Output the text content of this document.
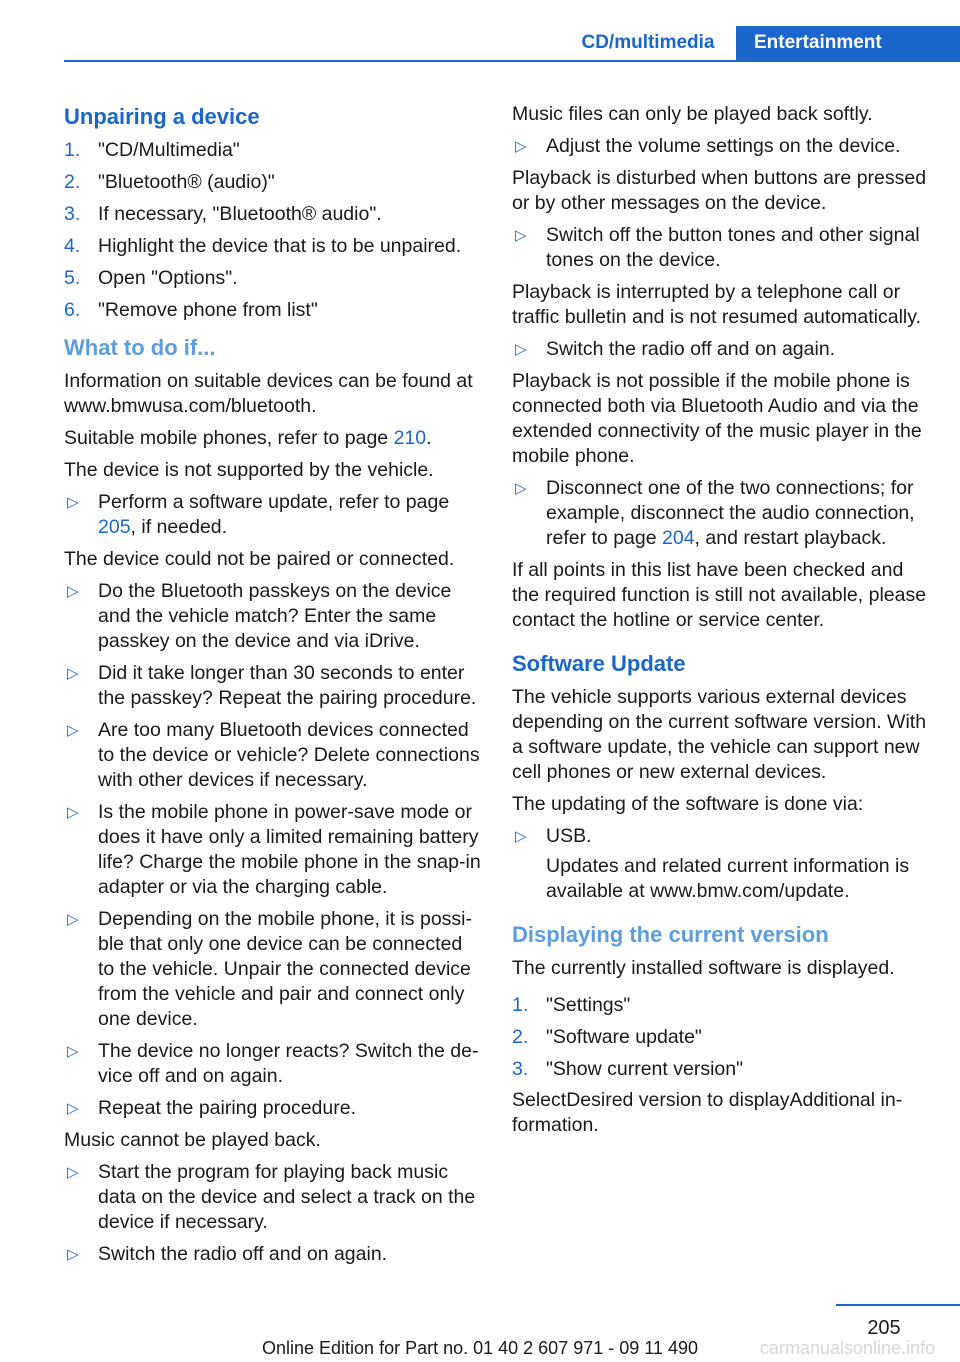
CD/multimedia	Entertainment
Unpairing a device
1. "CD/Multimedia"
2. "Bluetooth® (audio)"
3. If necessary, "Bluetooth® audio".
4. Highlight the device that is to be unpaired.
5. Open "Options".
6. "Remove phone from list"
What to do if...

Information on suitable devices can be found at www.bmwusa.com/bluetooth.

Suitable mobile phones, refer to page 210.

The device is not supported by the vehicle.

▷ Perform a software update, refer to page 205, if needed.

The device could not be paired or connected.

▷ Do the Bluetooth passkeys on the device and the vehicle match? Enter the same passkey on the device and via iDrive.
▷ Did it take longer than 30 seconds to enter the passkey? Repeat the pairing procedure.
▷ Are too many Bluetooth devices connected to the device or vehicle? Delete connections with other devices if necessary.
▷ Is the mobile phone in power-save mode or does it have only a limited remaining battery life? Charge the mobile phone in the snap-in adapter or via the charging cable.
▷ Depending on the mobile phone, it is possi-ble that only one device can be connected to the vehicle. Unpair the connected device from the vehicle and pair and connect only one device.
▷ The device no longer reacts? Switch the de-vice off and on again.
▷ Repeat the pairing procedure.

Music cannot be played back.

▷ Start the program for playing back music data on the device and select a track on the device if necessary.
▷ Switch the radio off and on again.

Music files can only be played back softly.

▷ Adjust the volume settings on the device.

Playback is disturbed when buttons are pressed or by other messages on the device.

▷ Switch off the button tones and other signal tones on the device.

Playback is interrupted by a telephone call or traffic bulletin and is not resumed automatically.

▷ Switch the radio off and on again.

Playback is not possible if the mobile phone is connected both via Bluetooth Audio and via the extended connectivity of the music player in the mobile phone.

▷ Disconnect one of the two connections; for example, disconnect the audio connection, refer to page 204, and restart playback.

If all points in this list have been checked and the required function is still not available, please contact the hotline or service center.

Software Update

The vehicle supports various external devices depending on the current software version. With a software update, the vehicle can support new cell phones or new external devices.

The updating of the software is done via:

▷ USB.

Updates and related current information is available at www.bmw.com/update.

Displaying the current version

The currently installed software is displayed.

1. "Settings"
2. "Software update"
3. "Show current version"

SelectDesired version to displayAdditional in-formation.

205
Online Edition for Part no. 01 40 2 607 971 - 09 11 490	carmanualsonline.info
